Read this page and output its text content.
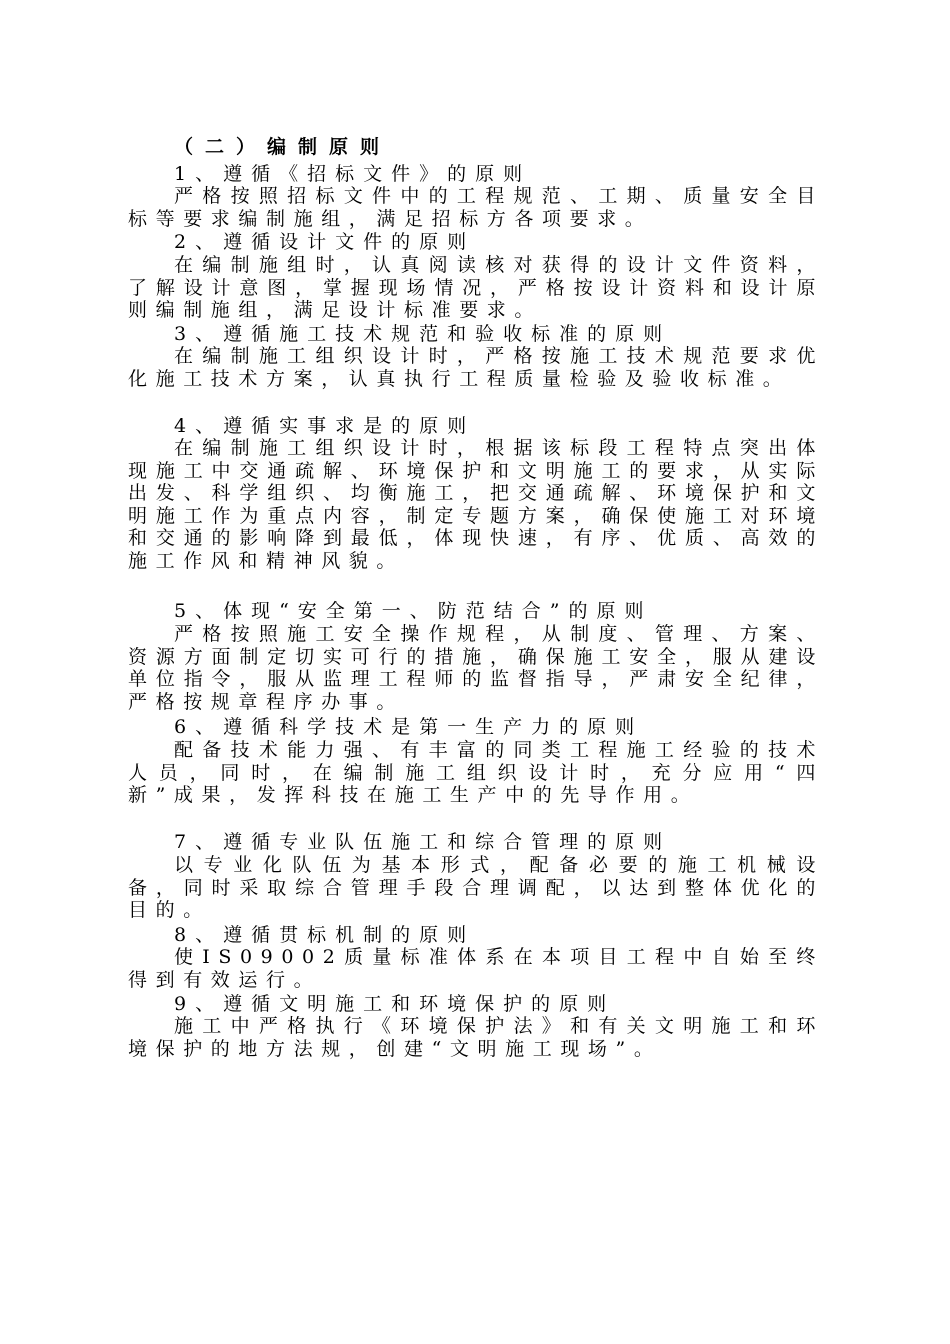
（二）编制原则
1、遵循《招标文件》的原则

严格按照招标文件中的工程规范、工期、质量安全目标等要求编制施组，满足招标方各项要求。

2、遵循设计文件的原则

在编制施组时，认真阅读核对获得的设计文件资料，了解设计意图，掌握现场情况，严格按设计资料和设计原则编制施组，满足设计标准要求。

3、遵循施工技术规范和验收标准的原则

在编制施工组织设计时，严格按施工技术规范要求优化施工技术方案，认真执行工程质量检验及验收标准。

4、遵循实事求是的原则

在编制施工组织设计时，根据该标段工程特点突出体现施工中交通疏解、环境保护和文明施工的要求，从实际出发、科学组织、均衡施工，把交通疏解、环境保护和文明施工作为重点内容，制定专题方案，确保使施工对环境和交通的影响降到最低，体现快速，有序、优质、高效的施工作风和精神风貌。

5、体现“安全第一、防范结合”的原则

严格按照施工安全操作规程，从制度、管理、方案、资源方面制定切实可行的措施，确保施工安全，服从建设单位指令，服从监理工程师的监督指导，严肃安全纪律，严格按规章程序办事。

6、遵循科学技术是第一生产力的原则

配备技术能力强、有丰富的同类工程施工经验的技术人员，同时，在编制施工组织设计时，充分应用“四新”成果，发挥科技在施工生产中的先导作用。

7、遵循专业队伍施工和综合管理的原则

以专业化队伍为基本形式，配备必要的施工机械设备，同时采取综合管理手段合理调配，以达到整体优化的目的。

8、遵循贯标机制的原则

使IS09002质量标准体系在本项目工程中自始至终得到有效运行。

9、遵循文明施工和环境保护的原则

施工中严格执行《环境保护法》和有关文明施工和环境保护的地方法规，创建“文明施工现场”。
